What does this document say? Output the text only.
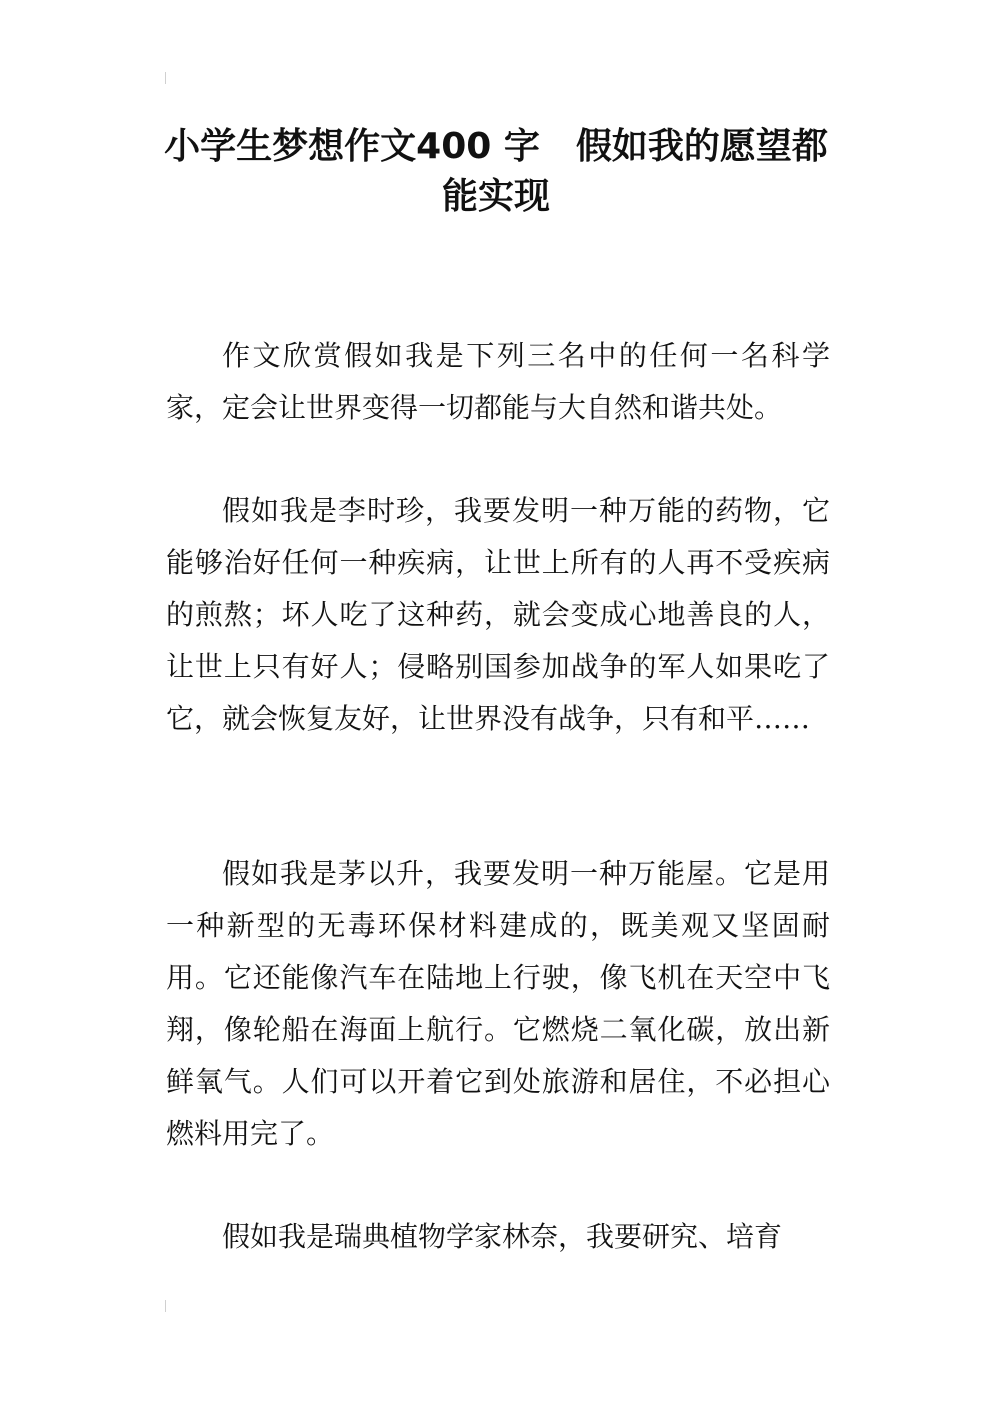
小学生梦想作文400 字　假如我的愿望都能实现

作文欣赏假如我是下列三名中的任何一名科学家，定会让世界变得一切都能与大自然和谐共处。

假如我是李时珍，我要发明一种万能的药物，它能够治好任何一种疾病，让世上所有的人再不受疾病的煎熬；坏人吃了这种药，就会变成心地善良的人，让世上只有好人；侵略别国参加战争的军人如果吃了它，就会恢复友好，让世界没有战争，只有和平……

假如我是茅以升，我要发明一种万能屋。它是用一种新型的无毒环保材料建成的，既美观又坚固耐用。它还能像汽车在陆地上行驶，像飞机在天空中飞翔，像轮船在海面上航行。它燃烧二氧化碳，放出新鲜氧气。人们可以开着它到处旅游和居住，不必担心燃料用完了。

假如我是瑞典植物学家林奈，我要研究、培育
